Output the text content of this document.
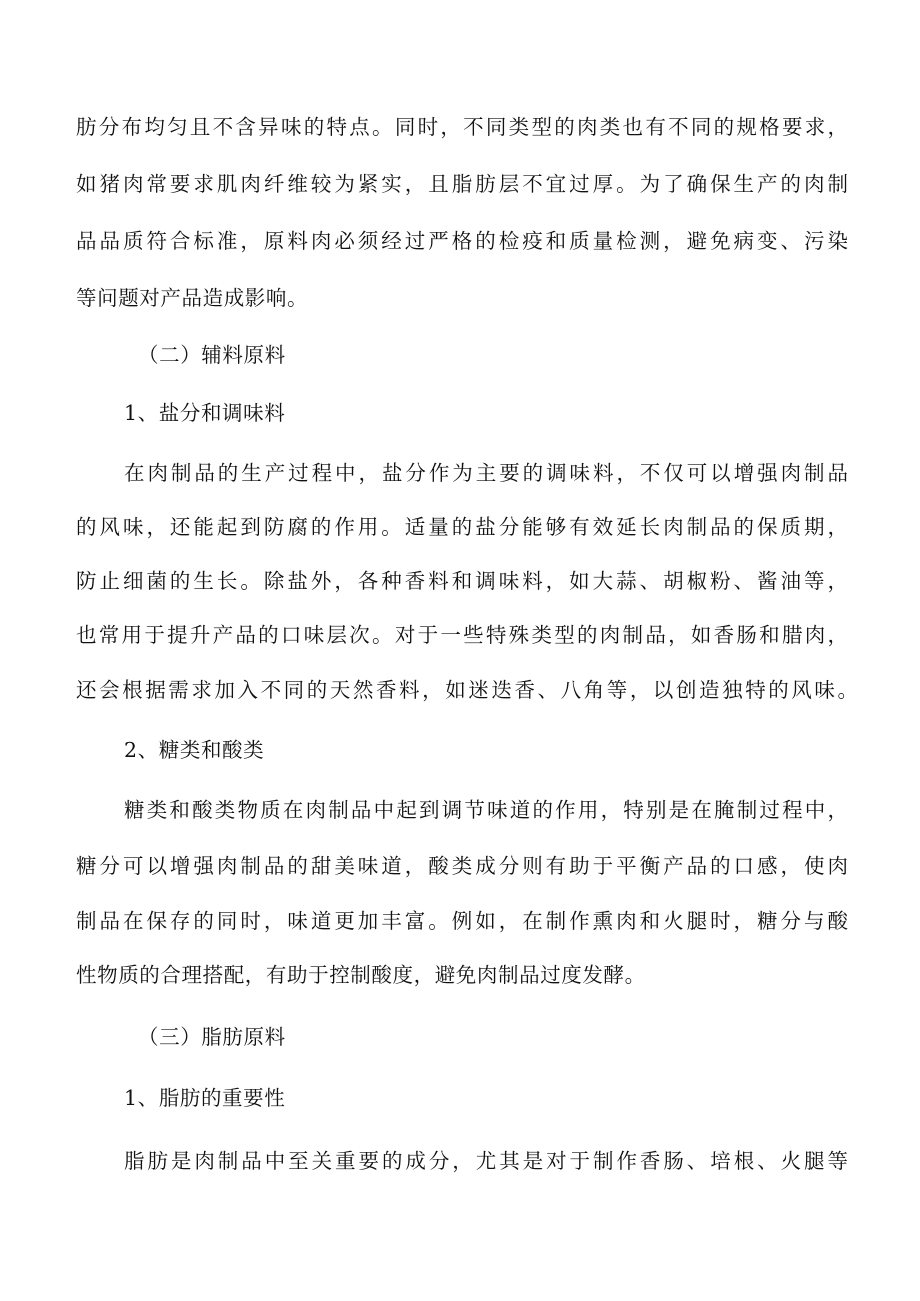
肪分布均匀且不含异味的特点。同时，不同类型的肉类也有不同的规格要求，
如猪肉常要求肌肉纤维较为紧实，且脂肪层不宜过厚。为了确保生产的肉制
品品质符合标准，原料肉必须经过严格的检疫和质量检测，避免病变、污染
等问题对产品造成影响。
（二）辅料原料
1、盐分和调味料
在肉制品的生产过程中，盐分作为主要的调味料，不仅可以增强肉制品
的风味，还能起到防腐的作用。适量的盐分能够有效延长肉制品的保质期，
防止细菌的生长。除盐外，各种香料和调味料，如大蒜、胡椒粉、酱油等，
也常用于提升产品的口味层次。对于一些特殊类型的肉制品，如香肠和腊肉，
还会根据需求加入不同的天然香料，如迷迭香、八角等，以创造独特的风味。
2、糖类和酸类
糖类和酸类物质在肉制品中起到调节味道的作用，特别是在腌制过程中，
糖分可以增强肉制品的甜美味道，酸类成分则有助于平衡产品的口感，使肉
制品在保存的同时，味道更加丰富。例如，在制作熏肉和火腿时，糖分与酸
性物质的合理搭配，有助于控制酸度，避免肉制品过度发酵。
（三）脂肪原料
1、脂肪的重要性
脂肪是肉制品中至关重要的成分，尤其是对于制作香肠、培根、火腿等
